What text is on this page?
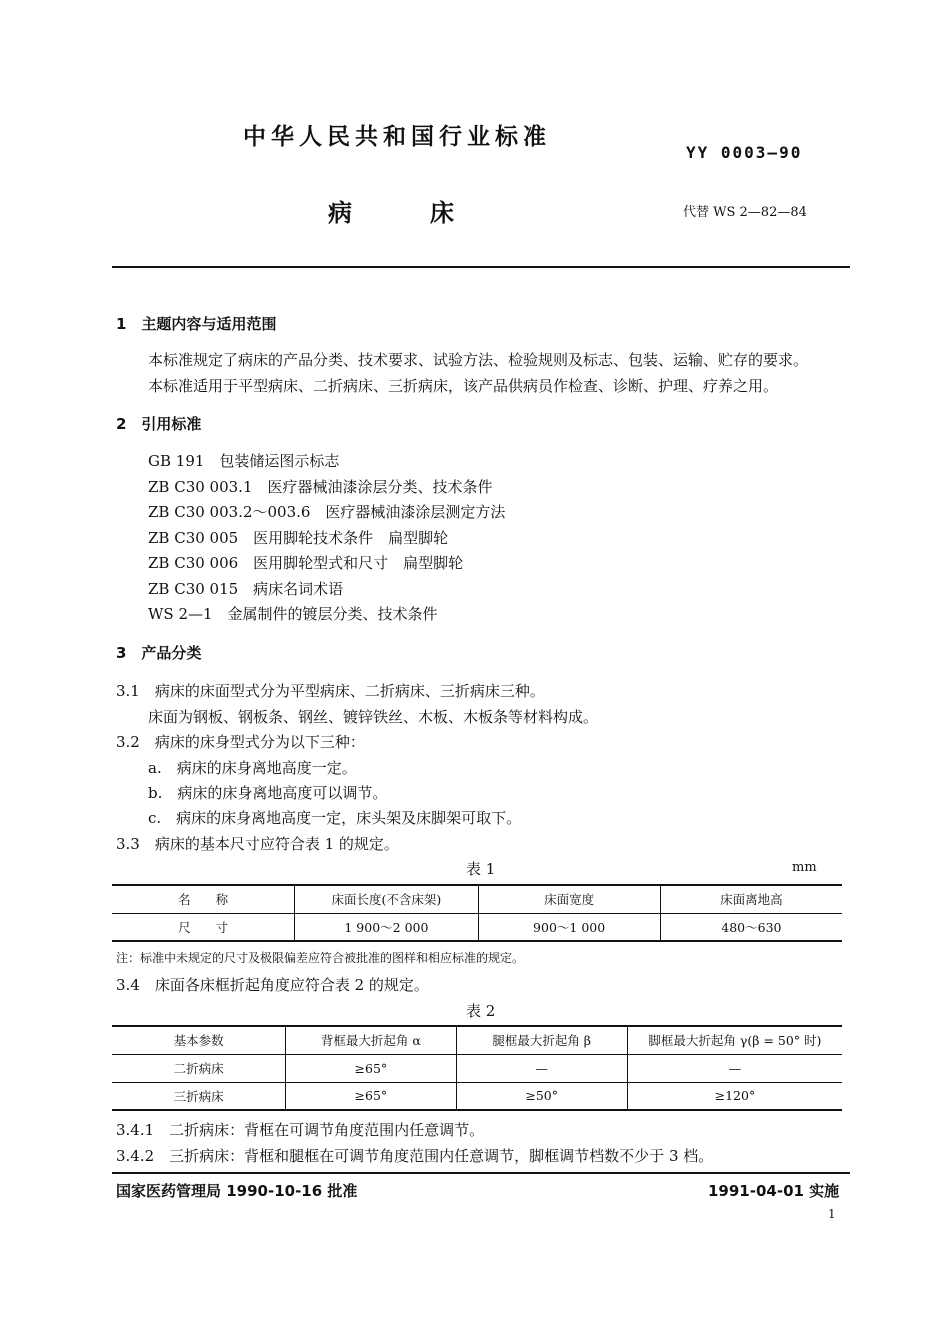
中华人民共和国行业标准
YY 0003—90
病	床	代替 WS 2—82—84
1　主题内容与适用范围
本标准规定了病床的产品分类、技术要求、试验方法、检验规则及标志、包装、运输、贮存的要求。
本标准适用于平型病床、二折病床、三折病床，该产品供病员作检查、诊断、护理、疗养之用。
2　引用标准
GB 191　包装储运图示标志
ZB C30 003.1　医疗器械油漆涂层分类、技术条件
ZB C30 003.2～003.6　医疗器械油漆涂层测定方法
ZB C30 005　医用脚轮技术条件　扁型脚轮
ZB C30 006　医用脚轮型式和尺寸　扁型脚轮
ZB C30 015　病床名词术语
WS 2—1　金属制件的镀层分类、技术条件
3　产品分类
3.1　病床的床面型式分为平型病床、二折病床、三折病床三种。
床面为钢板、钢板条、钢丝、镀锌铁丝、木板、木板条等材料构成。
3.2　病床的床身型式分为以下三种：
a.　病床的床身离地高度一定。
b.　病床的床身离地高度可以调节。
c.　病床的床身离地高度一定，床头架及床脚架可取下。
3.3　病床的基本尺寸应符合表 1 的规定。
表 1	mm
名　　称	床面长度(不含床架)	床面宽度	床面离地高
尺　　寸	1 900～2 000	900～1 000	480～630
注：标准中未规定的尺寸及极限偏差应符合被批准的图样和相应标准的规定。
3.4　床面各床框折起角度应符合表 2 的规定。
表 2
基本参数	背框最大折起角 α	腿框最大折起角 β	脚框最大折起角 γ(β = 50° 时)
二折病床	≥65°	—	—
三折病床	≥65°	≥50°	≥120°
3.4.1　二折病床：背框在可调节角度范围内任意调节。
3.4.2　三折病床：背框和腿框在可调节角度范围内任意调节，脚框调节档数不少于 3 档。
国家医药管理局 1990-10-16 批准	1991-04-01 实施
1
